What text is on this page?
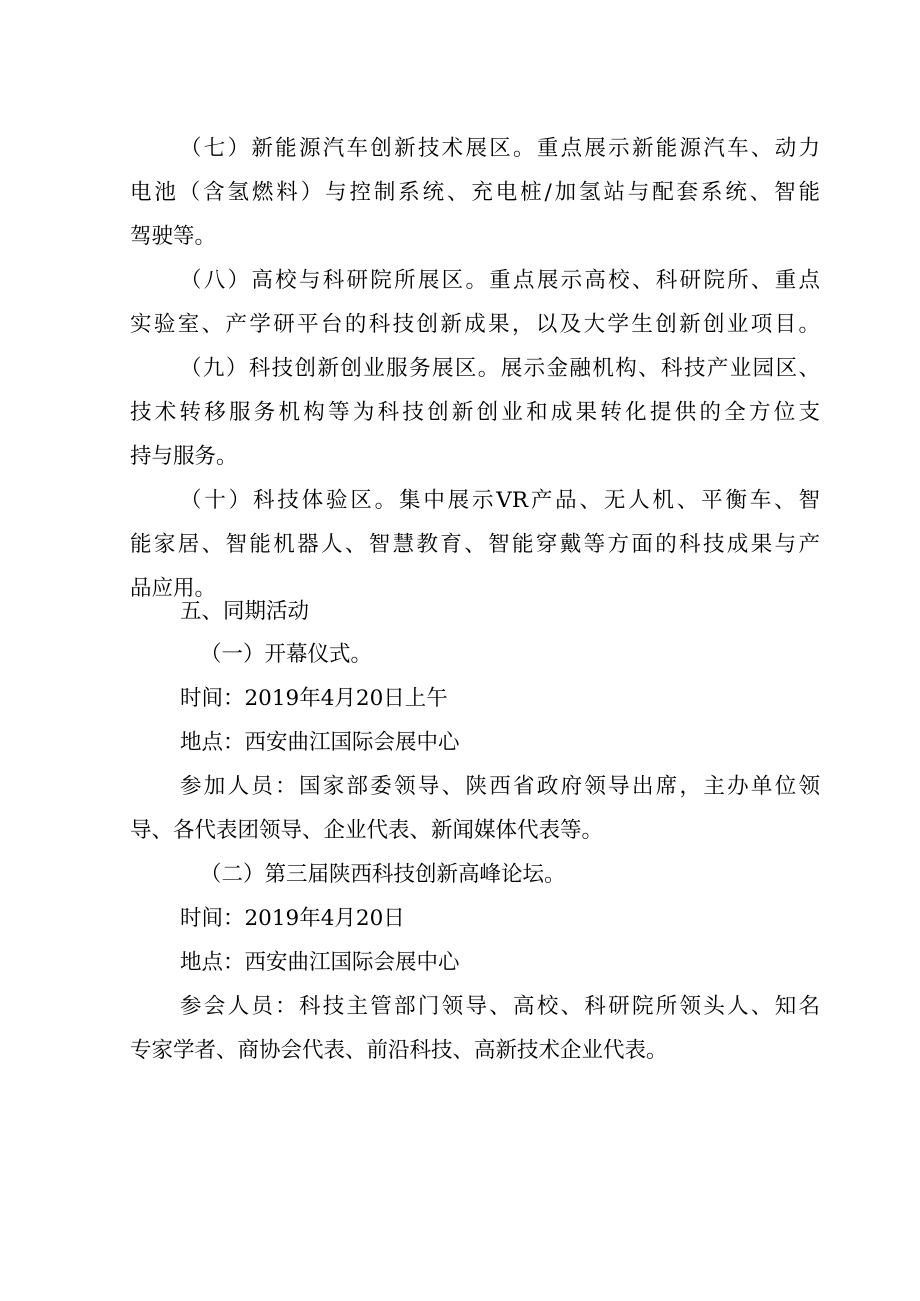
（七）新能源汽车创新技术展区。重点展示新能源汽车、动力
电池（含氢燃料）与控制系统、充电桩/加氢站与配套系统、智能
驾驶等。
（八）高校与科研院所展区。重点展示高校、科研院所、重点
实验室、产学研平台的科技创新成果，以及大学生创新创业项目。
（九）科技创新创业服务展区。展示金融机构、科技产业园区、
技术转移服务机构等为科技创新创业和成果转化提供的全方位支
持与服务。
（十）科技体验区。集中展示VR产品、无人机、平衡车、智
能家居、智能机器人、智慧教育、智能穿戴等方面的科技成果与产
品应用。
五、同期活动
（一）开幕仪式。
时间：2019年4月20日上午
地点：西安曲江国际会展中心
参加人员：国家部委领导、陕西省政府领导出席，主办单位领
导、各代表团领导、企业代表、新闻媒体代表等。
（二）第三届陕西科技创新高峰论坛。
时间：2019年4月20日
地点：西安曲江国际会展中心
参会人员：科技主管部门领导、高校、科研院所领头人、知名
专家学者、商协会代表、前沿科技、高新技术企业代表。
